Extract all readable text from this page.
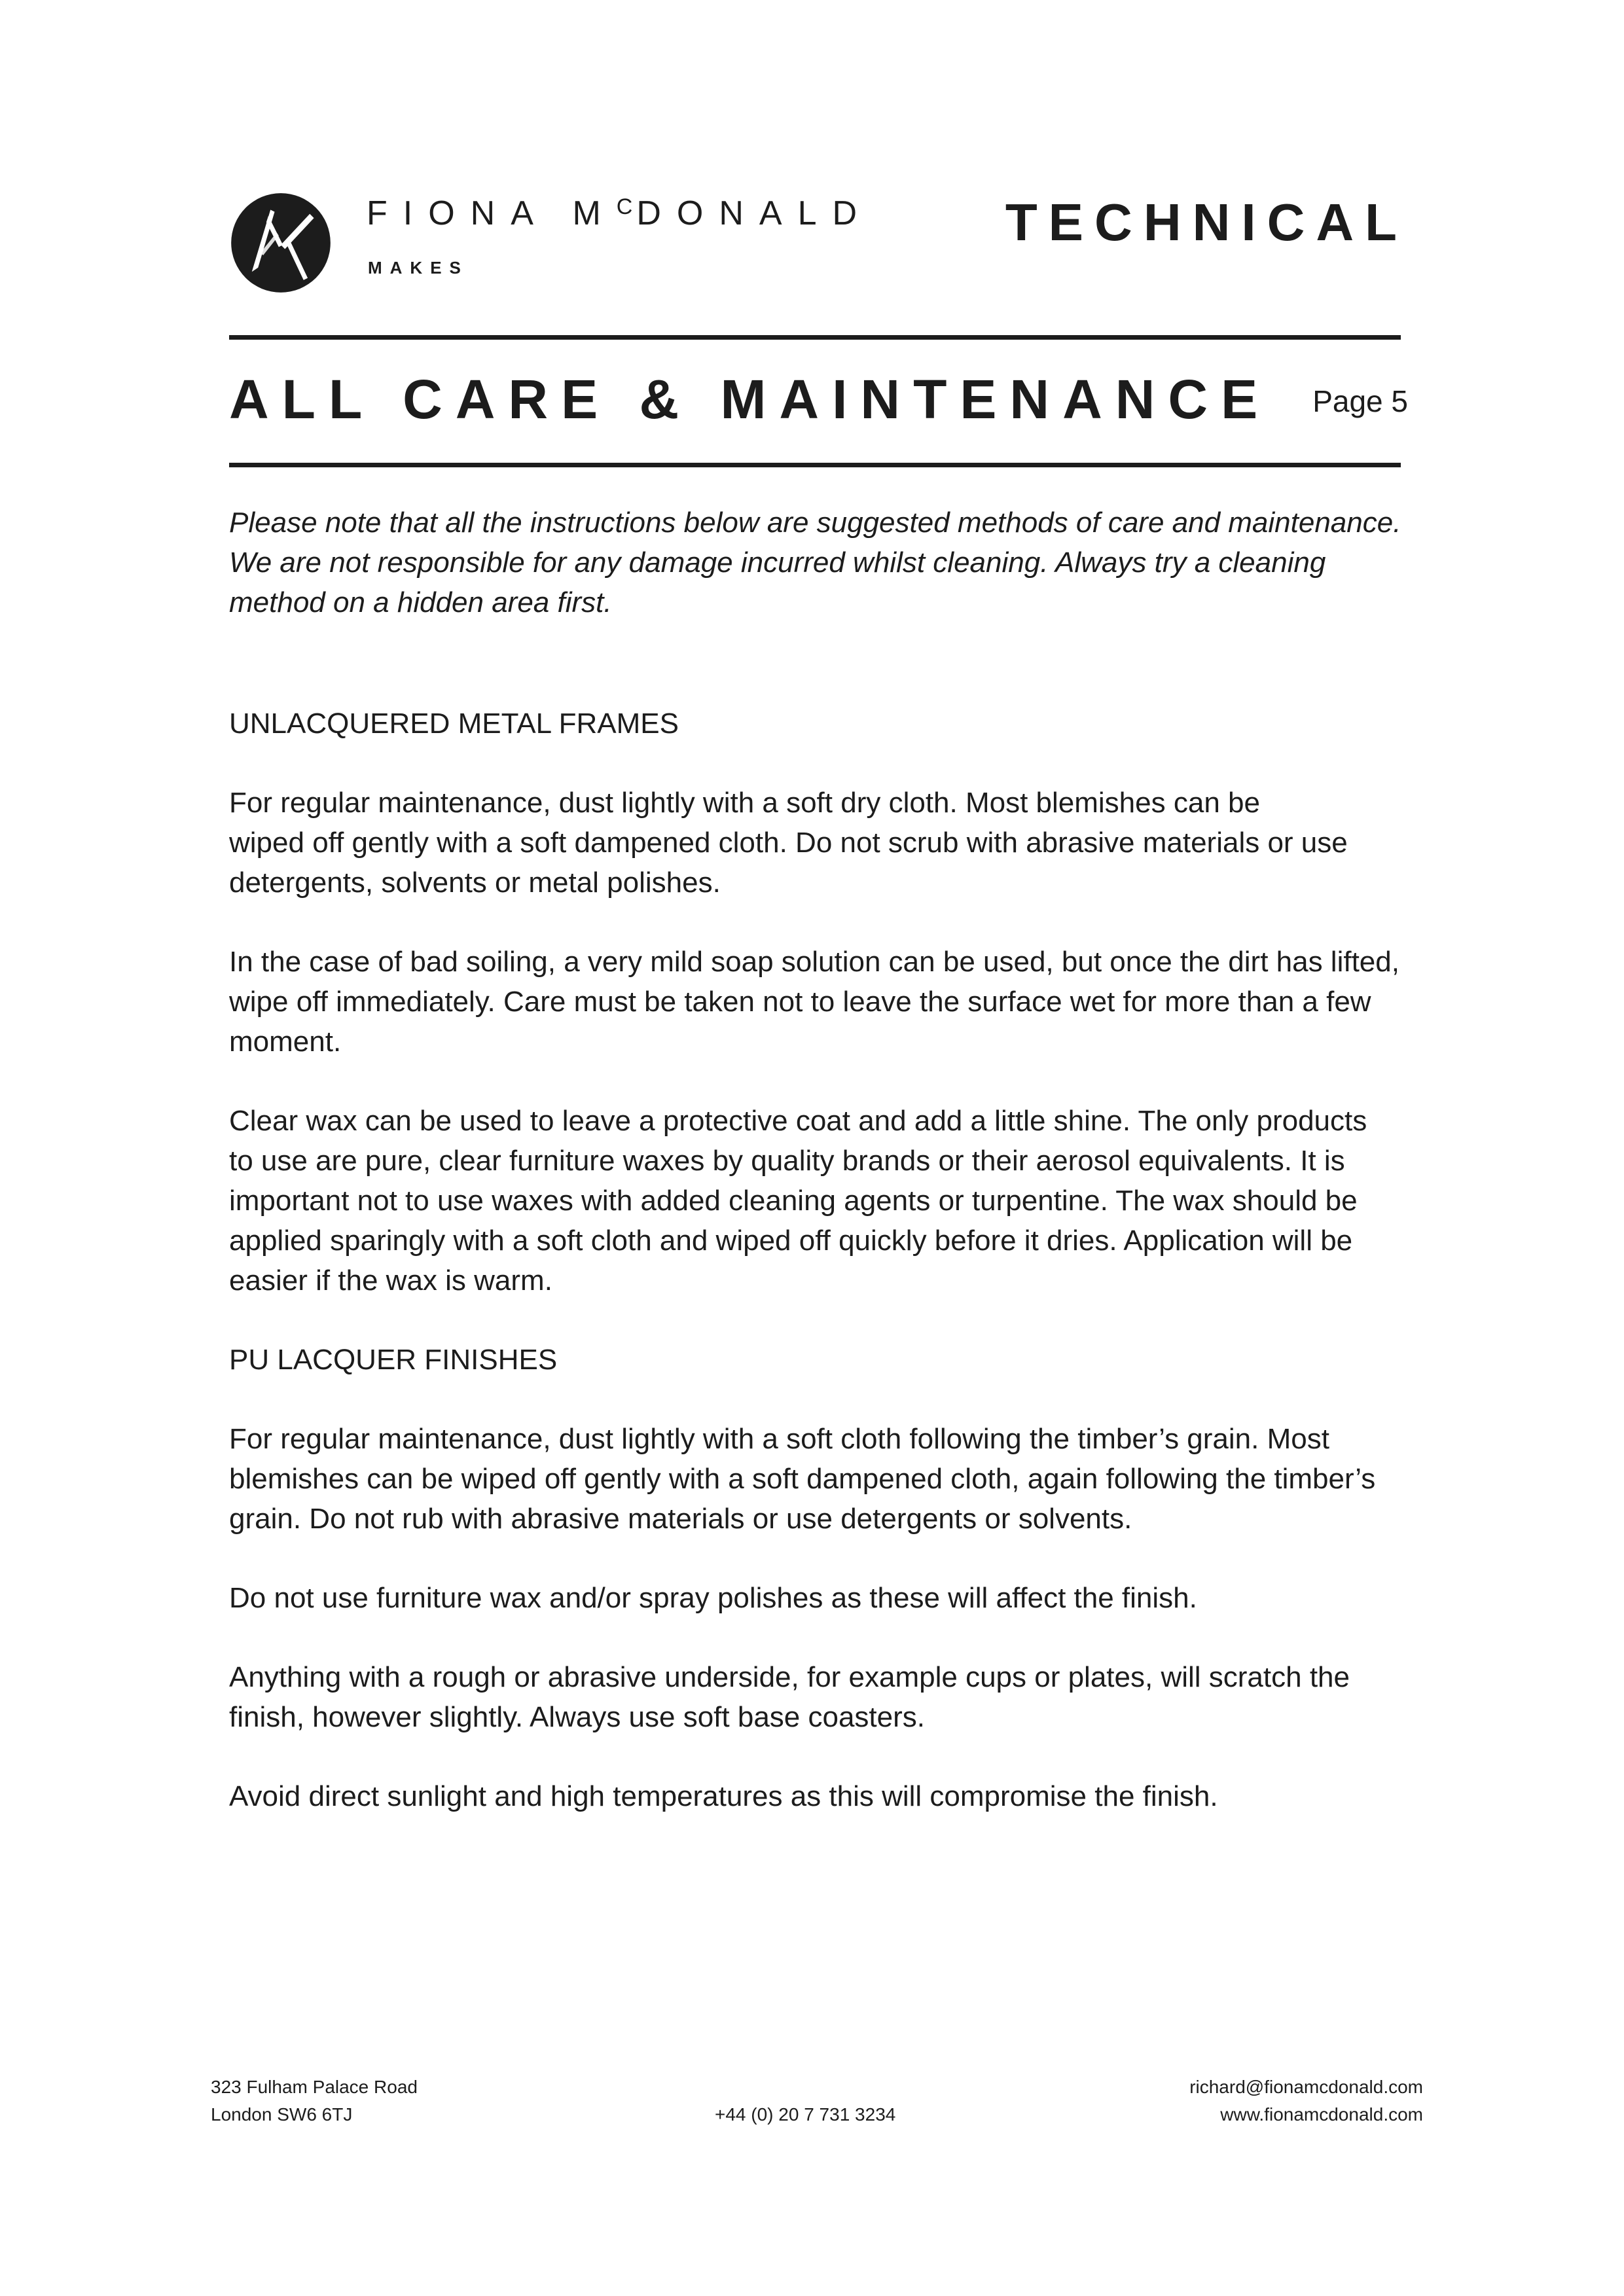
FIONA $M^CDONALD$
MAKES
TECHNICAL
ALL CARE & MAINTENANCE Page 5

Please note that all the instructions below are suggested methods of care and maintenance.
We are not responsible for any damage incurred whilst cleaning. Always try a cleaning
method on a hidden area first.

UNLACQUERED METAL FRAMES

For regular maintenance, dust lightly with a soft dry cloth. Most blemishes can be
wiped off gently with a soft dampened cloth. Do not scrub with abrasive materials or use
detergents, solvents or metal polishes.

In the case of bad soiling, a very mild soap solution can be used, but once the dirt has lifted,
wipe off immediately. Care must be taken not to leave the surface wet for more than a few
moment.

Clear wax can be used to leave a protective coat and add a little shine. The only products
to use are pure, clear furniture waxes by quality brands or their aerosol equivalents. It is
important not to use waxes with added cleaning agents or turpentine. The wax should be
applied sparingly with a soft cloth and wiped off quickly before it dries. Application will be
easier if the wax is warm.

PU LACQUER FINISHES

For regular maintenance, dust lightly with a soft cloth following the timber’s grain. Most
blemishes can be wiped off gently with a soft dampened cloth, again following the timber’s
grain. Do not rub with abrasive materials or use detergents or solvents.

Do not use furniture wax and/or spray polishes as these will affect the finish.

Anything with a rough or abrasive underside, for example cups or plates, will scratch the
finish, however slightly. Always use soft base coasters.

Avoid direct sunlight and high temperatures as this will compromise the finish.

323 Fulham Palace Road
London SW6 6TJ	+44 (0) 20 7 731 3234
richard@fionamcdonald.com
www.fionamcdonald.com
